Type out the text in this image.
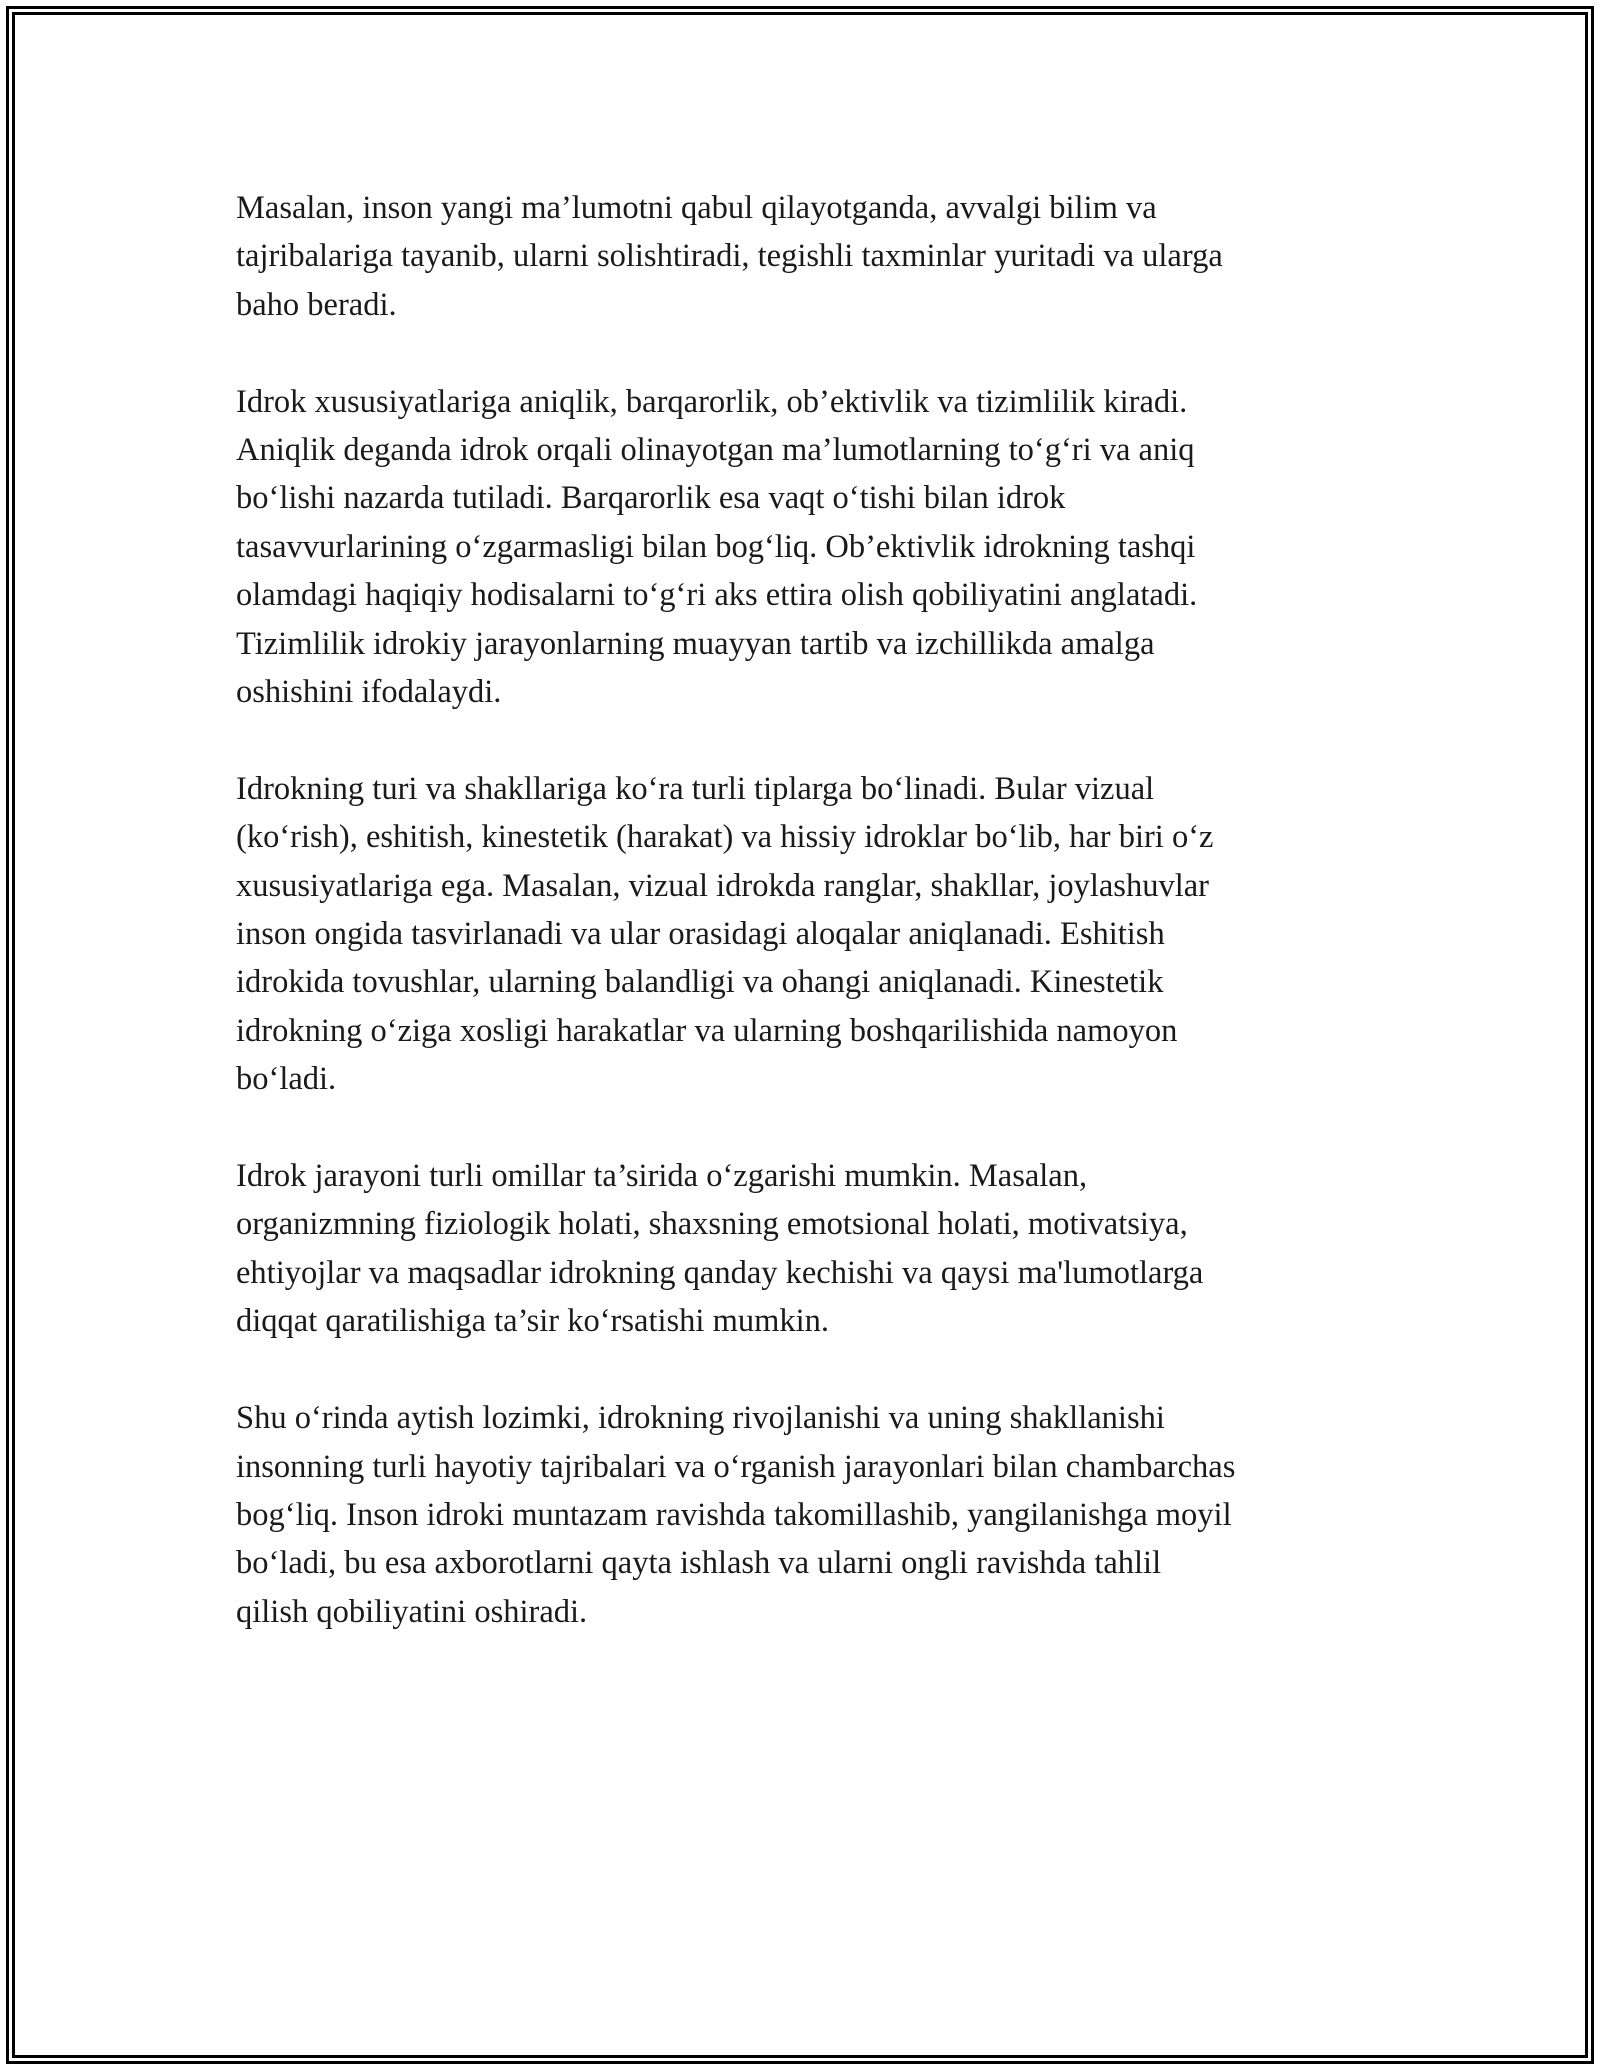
Masalan, inson yangi ma’lumotni qabul qilayotganda, avvalgi bilim va
tajribalariga tayanib, ularni solishtiradi, tegishli taxminlar yuritadi va ularga
baho beradi.

Idrok xususiyatlariga aniqlik, barqarorlik, ob’ektivlik va tizimlilik kiradi.
Aniqlik deganda idrok orqali olinayotgan ma’lumotlarning to‘g‘ri va aniq
bo‘lishi nazarda tutiladi. Barqarorlik esa vaqt o‘tishi bilan idrok
tasavvurlarining o‘zgarmasligi bilan bog‘liq. Ob’ektivlik idrokning tashqi
olamdagi haqiqiy hodisalarni to‘g‘ri aks ettira olish qobiliyatini anglatadi.
Tizimlilik idrokiy jarayonlarning muayyan tartib va izchillikda amalga
oshishini ifodalaydi.

Idrokning turi va shakllariga ko‘ra turli tiplarga bo‘linadi. Bular vizual
(ko‘rish), eshitish, kinestetik (harakat) va hissiy idroklar bo‘lib, har biri o‘z
xususiyatlariga ega. Masalan, vizual idrokda ranglar, shakllar, joylashuvlar
inson ongida tasvirlanadi va ular orasidagi aloqalar aniqlanadi. Eshitish
idrokida tovushlar, ularning balandligi va ohangi aniqlanadi. Kinestetik
idrokning o‘ziga xosligi harakatlar va ularning boshqarilishida namoyon
bo‘ladi.

Idrok jarayoni turli omillar ta’sirida o‘zgarishi mumkin. Masalan,
organizmning fiziologik holati, shaxsning emotsional holati, motivatsiya,
ehtiyojlar va maqsadlar idrokning qanday kechishi va qaysi ma'lumotlarga
diqqat qaratilishiga ta’sir ko‘rsatishi mumkin.

Shu o‘rinda aytish lozimki, idrokning rivojlanishi va uning shakllanishi
insonning turli hayotiy tajribalari va o‘rganish jarayonlari bilan chambarchas
bog‘liq. Inson idroki muntazam ravishda takomillashib, yangilanishga moyil
bo‘ladi, bu esa axborotlarni qayta ishlash va ularni ongli ravishda tahlil
qilish qobiliyatini oshiradi.
